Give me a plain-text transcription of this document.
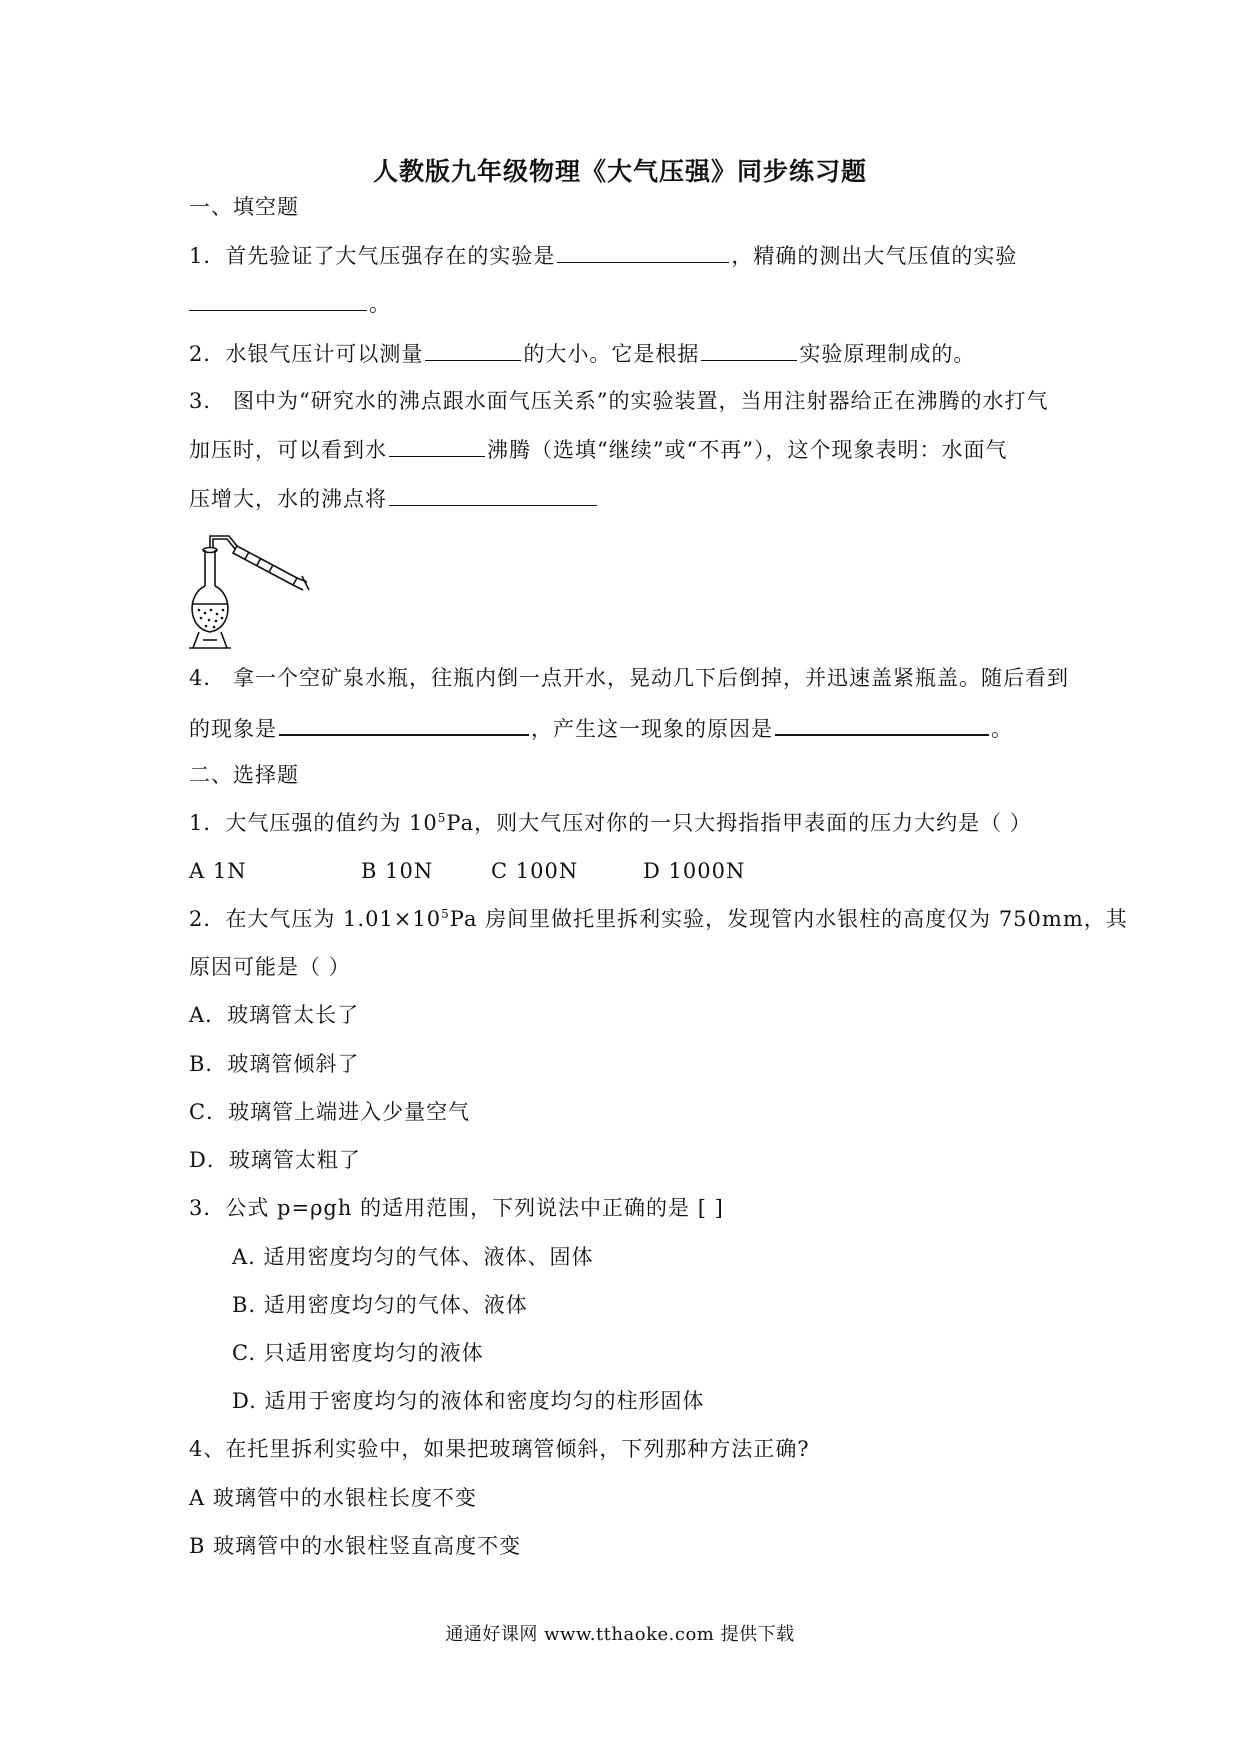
人教版九年级物理《大气压强》同步练习题
一、填空题
1．首先验证了大气压强存在的实验是	，精确的测出大气压值的实验
。
2．水银气压计可以测量	的大小。它是根据	实验原理制成的。
3． 图中为“研究水的沸点跟水面气压关系”的实验装置，当用注射器给正在沸腾的水打气
加压时，可以看到水	沸腾（选填“继续”或“不再”），这个现象表明：水面气
压增大，水的沸点将
4． 拿一个空矿泉水瓶，往瓶内倒一点开水，晃动几下后倒掉，并迅速盖紧瓶盖。随后看到
的现象是	，产生这一现象的原因是	。
二、选择题
1．大气压强的值约为 $10^5Pa$，则大气压对你的一只大拇指指甲表面的压力大约是（ ）
A 1N	B 10N	C 100N	D 1000N
2．在大气压为 $1.01\times 10^5Pa$ 房间里做托里拆利实验，发现管内水银柱的高度仅为 750mm，其
原因可能是（ ）
A．玻璃管太长了
B．玻璃管倾斜了
C．玻璃管上端进入少量空气
D．玻璃管太粗了
3．公式 p=ρgh 的适用范围，下列说法中正确的是 [ ]
A. 适用密度均匀的气体、液体、固体
B. 适用密度均匀的气体、液体
C. 只适用密度均匀的液体
D. 适用于密度均匀的液体和密度均匀的柱形固体
4、在托里拆利实验中，如果把玻璃管倾斜，下列那种方法正确?
A 玻璃管中的水银柱长度不变
B 玻璃管中的水银柱竖直高度不变
通通好课网 www.tthaoke.com 提供下载
